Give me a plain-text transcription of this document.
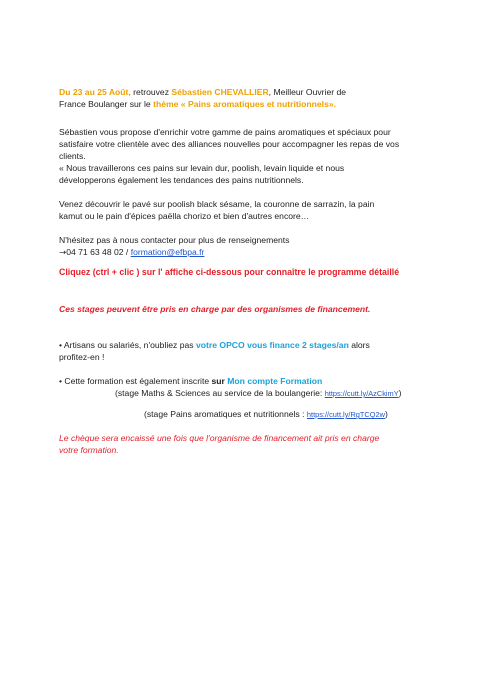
Du 23 au 25 Août, retrouvez Sébastien CHEVALLIER, Meilleur Ouvrier de
France Boulanger sur le thème « Pains aromatiques et nutritionnels».
Sébastien vous propose d'enrichir votre gamme de pains aromatiques et spéciaux pour
satisfaire votre clientèle avec des alliances nouvelles pour accompagner les repas de vos
clients.
« Nous travaillerons ces pains sur levain dur, poolish, levain liquide et nous
développerons également les tendances des pains nutritionnels.
Venez découvrir le pavé sur poolish black sésame, la couronne de sarrazin, la pain
kamut ou le pain d'épices paëlla chorizo et bien d'autres encore…
N'hésitez pas à nous contacter pour plus de renseignements
→04 71 63 48 02 / formation@efbpa.fr
Cliquez (ctrl + clic ) sur l' affiche ci-dessous pour connaître le programme détaillé
Ces stages peuvent être pris en charge par des organismes de financement.
• Artisans ou salariés, n'oubliez pas votre OPCO vous finance 2 stages/an alors
profitez-en !
• Cette formation est également inscrite sur Mon compte Formation
(stage Maths & Sciences au service de la boulangerie: https://cutt.ly/AzCkimY)
(stage Pains aromatiques et nutritionnels : https://cutt.ly/RgTCQ2w)
Le chèque sera encaissé une fois que l'organisme de financement ait pris en charge
votre formation.
